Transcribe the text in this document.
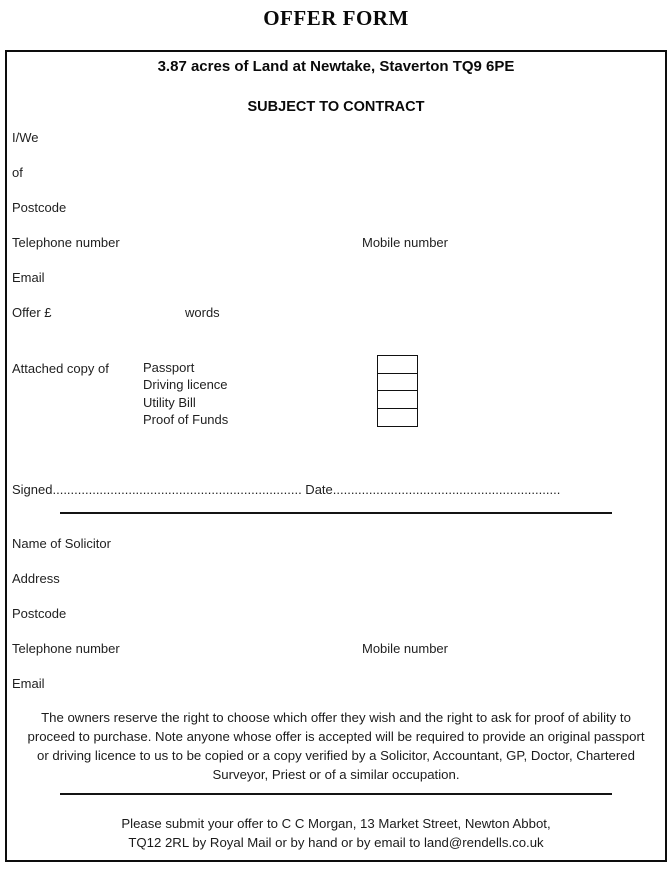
OFFER FORM
3.87 acres of Land at Newtake, Staverton TQ9 6PE
SUBJECT TO CONTRACT
I/We
of
Postcode
Telephone number	Mobile number
Email
Offer £	words
Attached copy of	Passport
Driving licence
Utility Bill
Proof of Funds
Signed..................................................................... Date...............................................................
Name of Solicitor
Address
Postcode
Telephone number	Mobile number
Email
The owners reserve the right to choose which offer they wish and the right to ask for proof of ability to proceed to purchase. Note anyone whose offer is accepted will be required to provide an original passport or driving licence to us to be copied or a copy verified by a Solicitor, Accountant, GP, Doctor, Chartered Surveyor, Priest or of a similar occupation.
Please submit your offer to C C Morgan, 13 Market Street, Newton Abbot,
TQ12 2RL by Royal Mail or by hand or by email to land@rendells.co.uk
